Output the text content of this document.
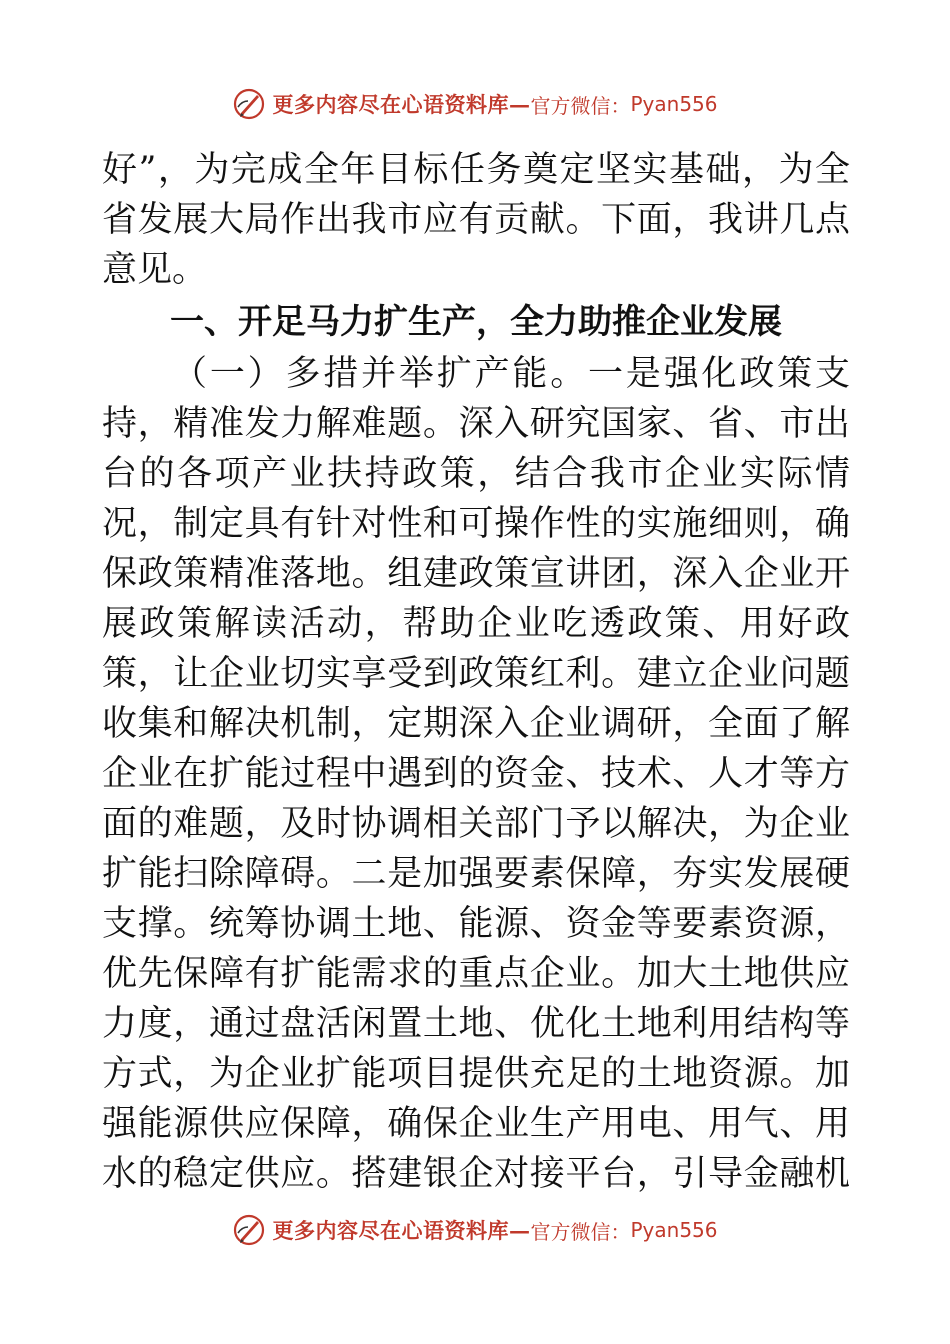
更多内容尽在心语资料库— 官方微信： Pyan556
好”，为完成全年目标任务奠定坚实基础，为全
省发展大局作出我市应有贡献。下面，我讲几点
意见。
一、开足马力扩生产，全力助推企业发展
（一）多措并举扩产能。一是强化政策支
持，精准发力解难题。深入研究国家、省、市出
台的各项产业扶持政策，结合我市企业实际情
况，制定具有针对性和可操作性的实施细则，确
保政策精准落地。组建政策宣讲团，深入企业开
展政策解读活动，帮助企业吃透政策、用好政
策，让企业切实享受到政策红利。建立企业问题
收集和解决机制，定期深入企业调研，全面了解
企业在扩能过程中遇到的资金、技术、人才等方
面的难题，及时协调相关部门予以解决，为企业
扩能扫除障碍。二是加强要素保障，夯实发展硬
支撑。统筹协调土地、能源、资金等要素资源，
优先保障有扩能需求的重点企业。加大土地供应
力度，通过盘活闲置土地、优化土地利用结构等
方式，为企业扩能项目提供充足的土地资源。加
强能源供应保障，确保企业生产用电、用气、用
水的稳定供应。搭建银企对接平台，引导金融机
更多内容尽在心语资料库— 官方微信： Pyan556
